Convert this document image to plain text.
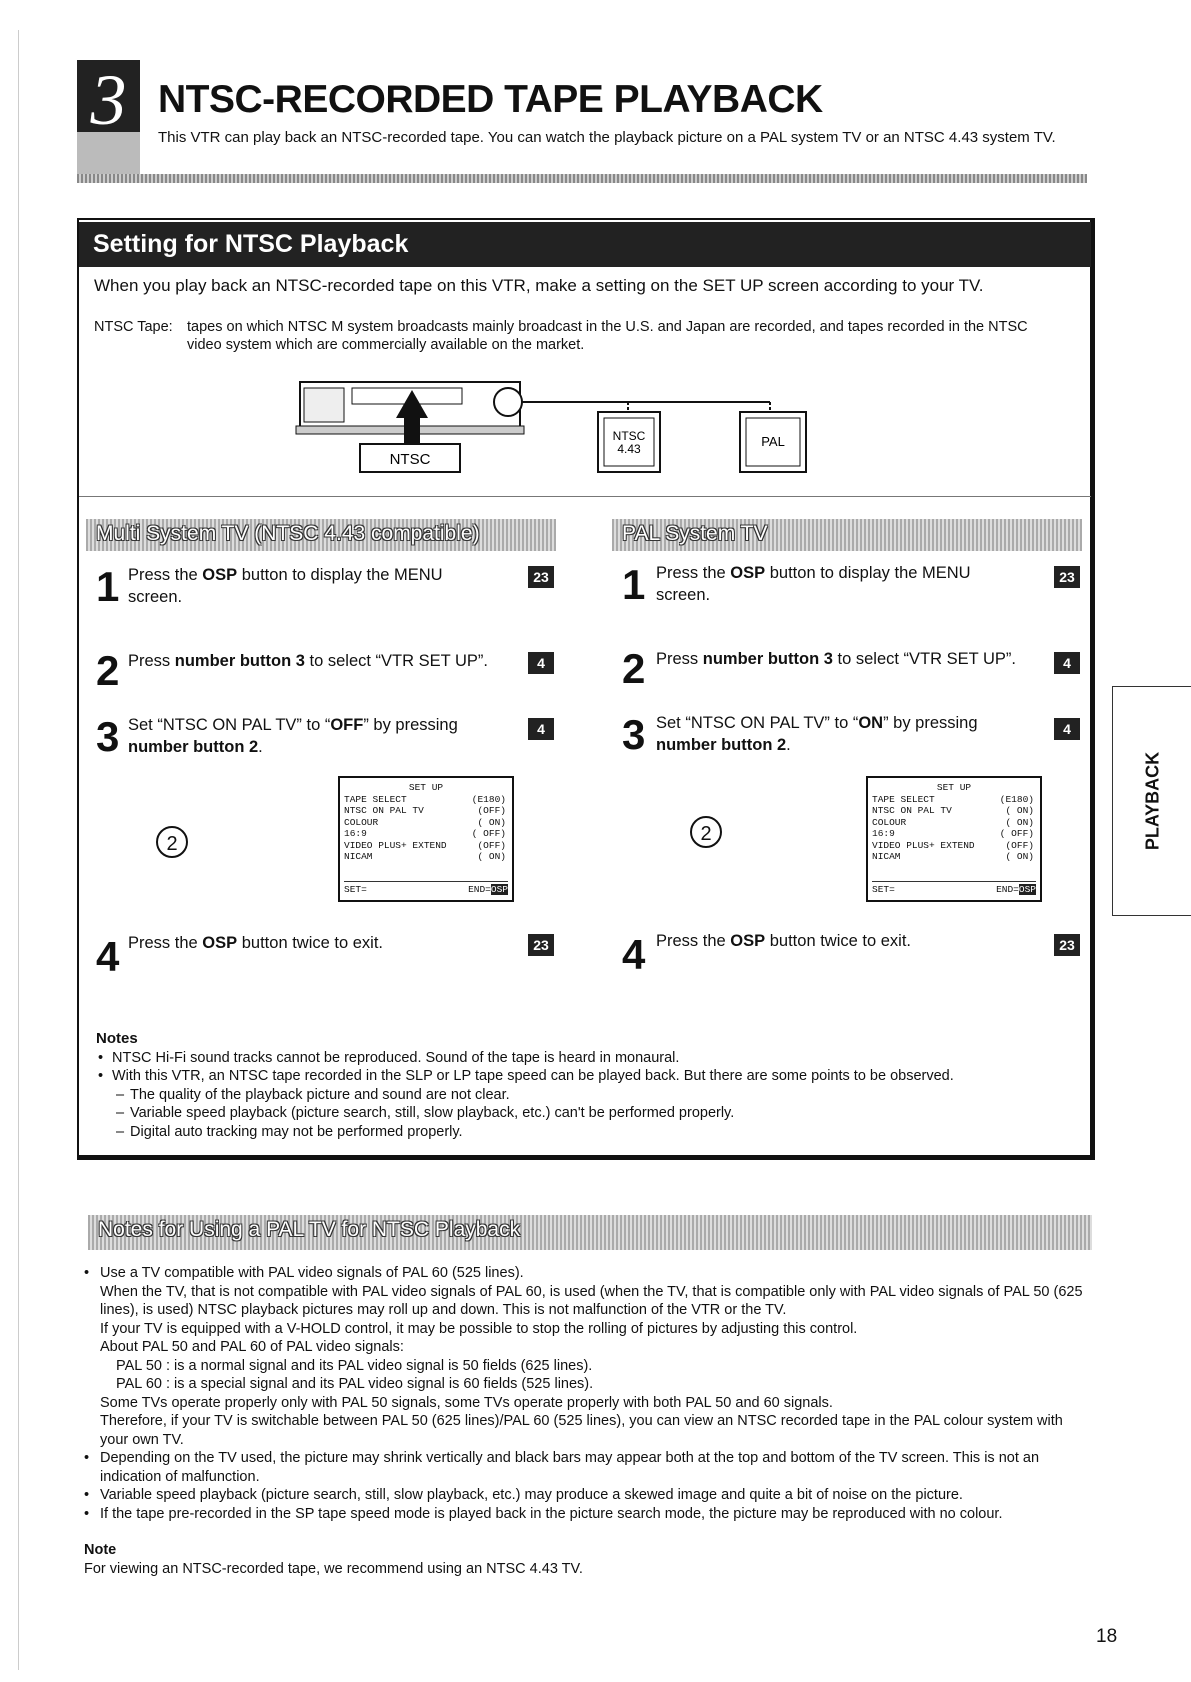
3 NTSC-RECORDED TAPE PLAYBACK
This VTR can play back an NTSC-recorded tape. You can watch the playback picture on a PAL system TV or an NTSC 4.43 system TV.
Setting for NTSC Playback
When you play back an NTSC-recorded tape on this VTR, make a setting on the SET UP screen according to your TV.
NTSC Tape: tapes on which NTSC M system broadcasts mainly broadcast in the U.S. and Japan are recorded, and tapes recorded in the NTSC video system which are commercially available on the market.
NTSC
NTSC
4.43	PAL
Multi System TV (NTSC 4.43 compatible)
1 Press the OSP button to display the MENU screen.
23
2 Press number button 3 to select “VTR SET UP”.	4
3 Set “NTSC ON PAL TV” to “OFF” by pressing number button 2.
4
2
SET UP
TAPE SELECT	(E180)
NTSC ON PAL TV	(OFF)
COLOUR	( ON)
16:9	( OFF)
VIDEO PLUS+ EXTEND	(OFF)
NICAM	( ON)
SET=	END=OSP
4 Press the OSP button twice to exit.	23
PAL System TV
1 Press the OSP button to display the MENU screen.
23
2 Press number button 3 to select “VTR SET UP”.	4
3 Set “NTSC ON PAL TV” to “ON” by pressing number button 2.
4
2
SET UP
TAPE SELECT	(E180)
NTSC ON PAL TV	( ON)
COLOUR	( ON)
16:9	( OFF)
VIDEO PLUS+ EXTEND	(OFF)
NICAM	( ON)
SET=	END=OSP
4 Press the OSP button twice to exit.	23
Notes
• NTSC Hi-Fi sound tracks cannot be reproduced. Sound of the tape is heard in monaural.
• With this VTR, an NTSC tape recorded in the SLP or LP tape speed can be played back. But there are some points to be observed.
– The quality of the playback picture and sound are not clear.
– Variable speed playback (picture search, still, slow playback, etc.) can't be performed properly.
– Digital auto tracking may not be performed properly.
PLAYBACK
Notes for Using a PAL TV for NTSC Playback

• Use a TV compatible with PAL video signals of PAL 60 (525 lines).

When the TV, that is not compatible with PAL video signals of PAL 60, is used (when the TV, that is compatible only with PAL video signals of PAL 50 (625 lines), is used) NTSC playback pictures may roll up and down. This is not malfunction of the VTR or the TV.

If your TV is equipped with a V-HOLD control, it may be possible to stop the rolling of pictures by adjusting this control.

About PAL 50 and PAL 60 of PAL video signals:

PAL 50 : is a normal signal and its PAL video signal is 50 fields (625 lines).

PAL 60 : is a special signal and its PAL video signal is 60 fields (525 lines).

Some TVs operate properly only with PAL 50 signals, some TVs operate properly with both PAL 50 and 60 signals.

Therefore, if your TV is switchable between PAL 50 (625 lines)/PAL 60 (525 lines), you can view an NTSC recorded tape in the PAL colour system with your own TV.

• Depending on the TV used, the picture may shrink vertically and black bars may appear both at the top and bottom of the TV screen. This is not an indication of malfunction.

• Variable speed playback (picture search, still, slow playback, etc.) may produce a skewed image and quite a bit of noise on the picture.

• If the tape pre-recorded in the SP tape speed mode is played back in the picture search mode, the picture may be reproduced with no colour.

Note

For viewing an NTSC-recorded tape, we recommend using an NTSC 4.43 TV.

18
